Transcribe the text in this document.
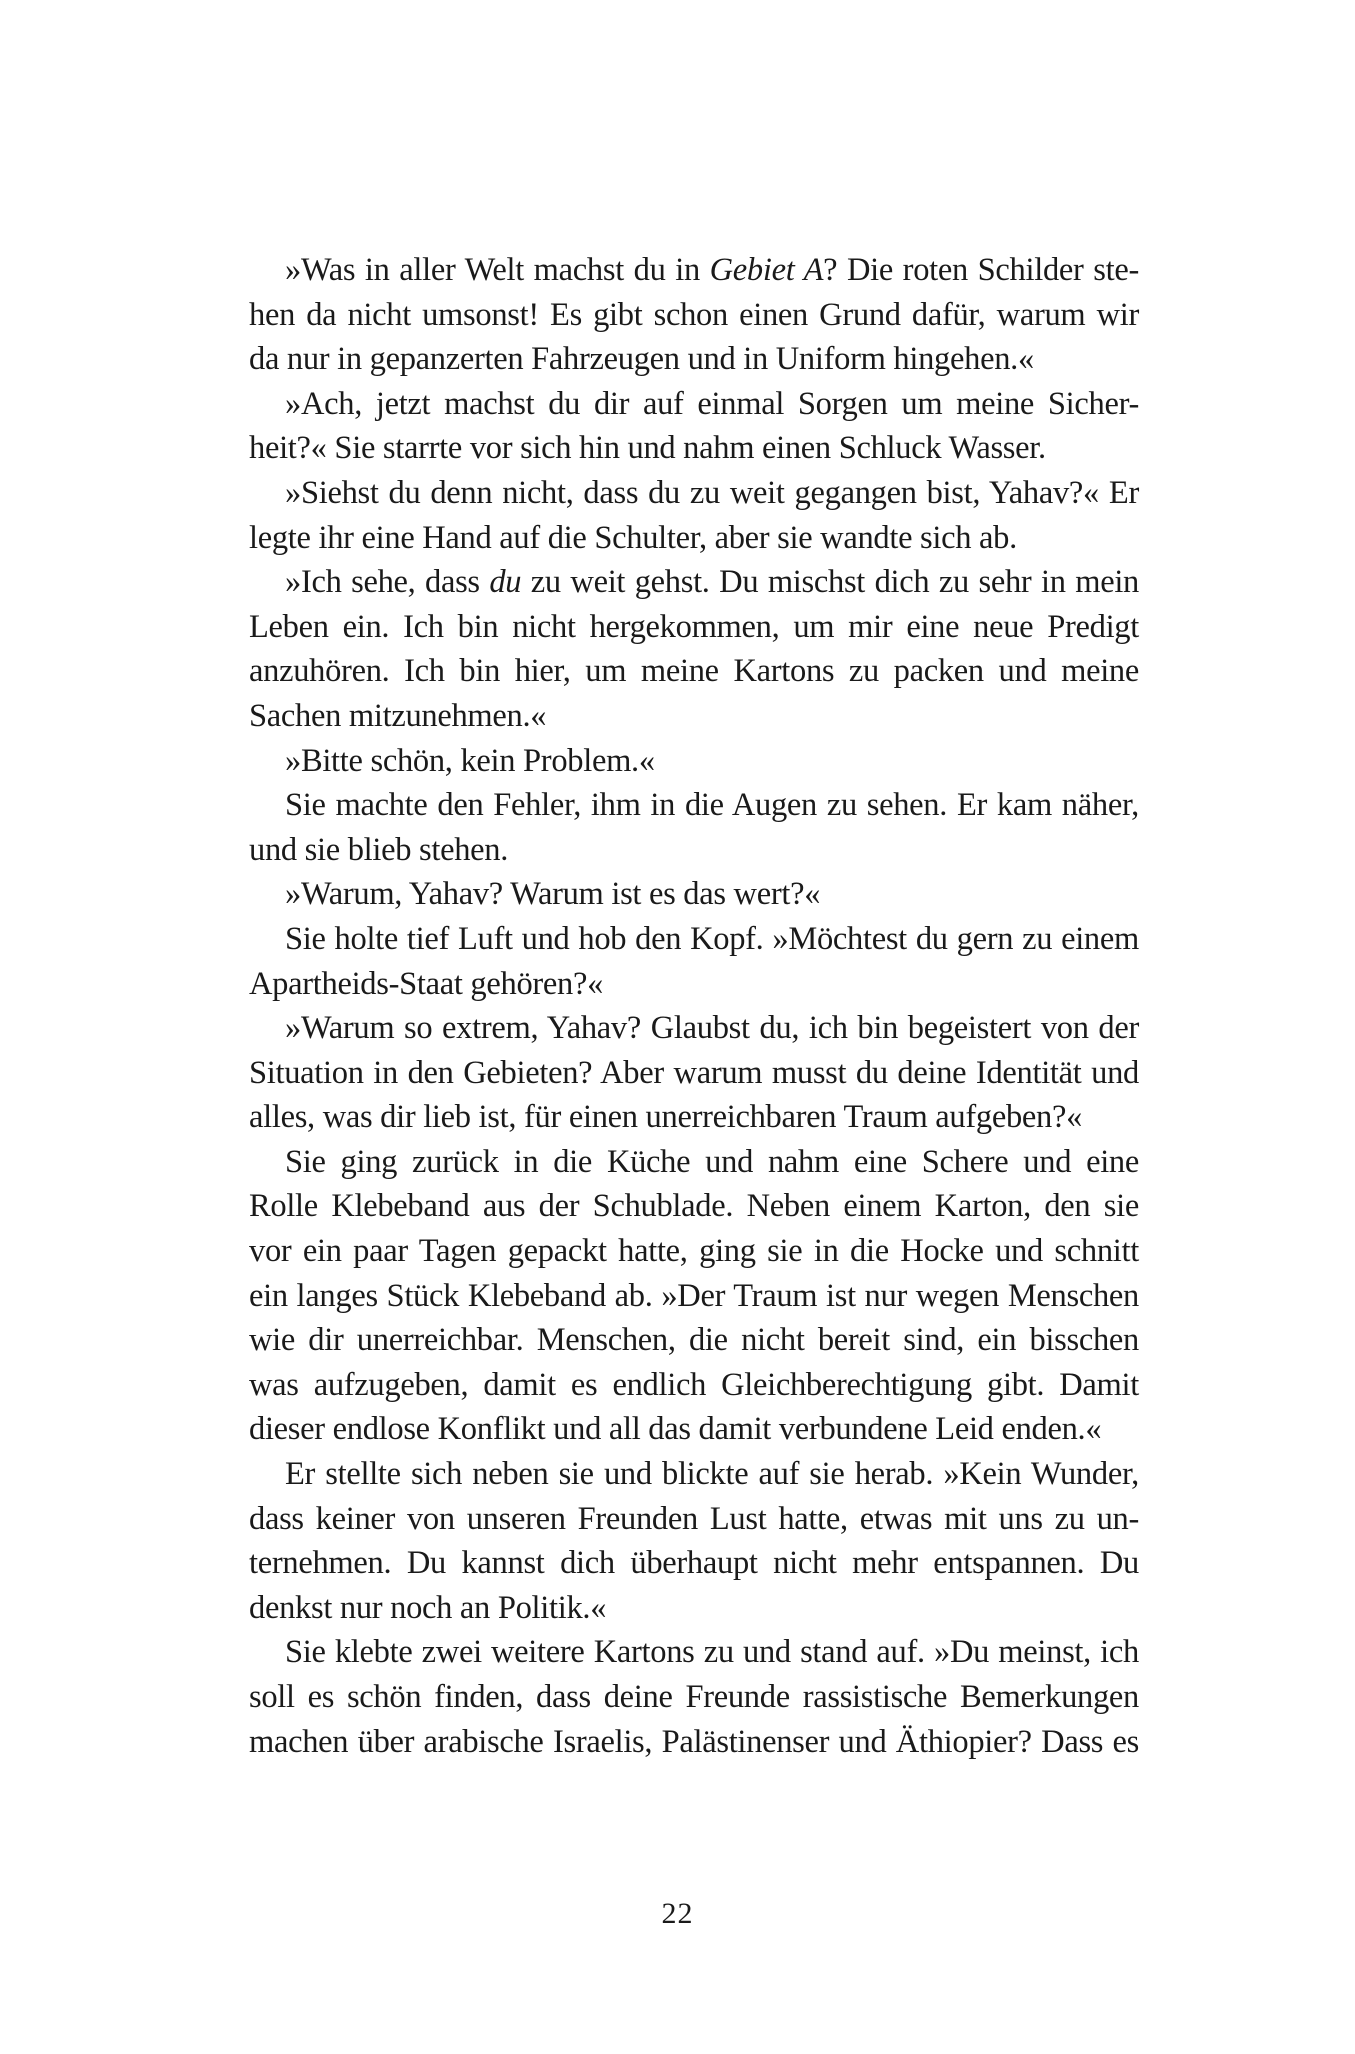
»Was in aller Welt machst du in Gebiet A? Die roten Schilder ste-
hen da nicht umsonst! Es gibt schon einen Grund dafür, warum wir
da nur in gepanzerten Fahrzeugen und in Uniform hingehen.«
»Ach, jetzt machst du dir auf einmal Sorgen um meine Sicher-
heit?« Sie starrte vor sich hin und nahm einen Schluck Wasser.
»Siehst du denn nicht, dass du zu weit gegangen bist, Yahav?« Er
legte ihr eine Hand auf die Schulter, aber sie wandte sich ab.
»Ich sehe, dass du zu weit gehst. Du mischst dich zu sehr in mein
Leben ein. Ich bin nicht hergekommen, um mir eine neue Predigt
anzuhören. Ich bin hier, um meine Kartons zu packen und meine
Sachen mitzunehmen.«
»Bitte schön, kein Problem.«
Sie machte den Fehler, ihm in die Augen zu sehen. Er kam näher,
und sie blieb stehen.
»Warum, Yahav? Warum ist es das wert?«
Sie holte tief Luft und hob den Kopf. »Möchtest du gern zu einem
Apartheids-Staat gehören?«
»Warum so extrem, Yahav? Glaubst du, ich bin begeistert von der
Situation in den Gebieten? Aber warum musst du deine Identität und
alles, was dir lieb ist, für einen unerreichbaren Traum aufgeben?«
Sie ging zurück in die Küche und nahm eine Schere und eine
Rolle Klebeband aus der Schublade. Neben einem Karton, den sie
vor ein paar Tagen gepackt hatte, ging sie in die Hocke und schnitt
ein langes Stück Klebeband ab. »Der Traum ist nur wegen Menschen
wie dir unerreichbar. Menschen, die nicht bereit sind, ein bisschen
was aufzugeben, damit es endlich Gleichberechtigung gibt. Damit
dieser endlose Konflikt und all das damit verbundene Leid enden.«
Er stellte sich neben sie und blickte auf sie herab. »Kein Wunder,
dass keiner von unseren Freunden Lust hatte, etwas mit uns zu un-
ternehmen. Du kannst dich überhaupt nicht mehr entspannen. Du
denkst nur noch an Politik.«
Sie klebte zwei weitere Kartons zu und stand auf. »Du meinst, ich
soll es schön finden, dass deine Freunde rassistische Bemerkungen
machen über arabische Israelis, Palästinenser und Äthiopier? Dass es
22
